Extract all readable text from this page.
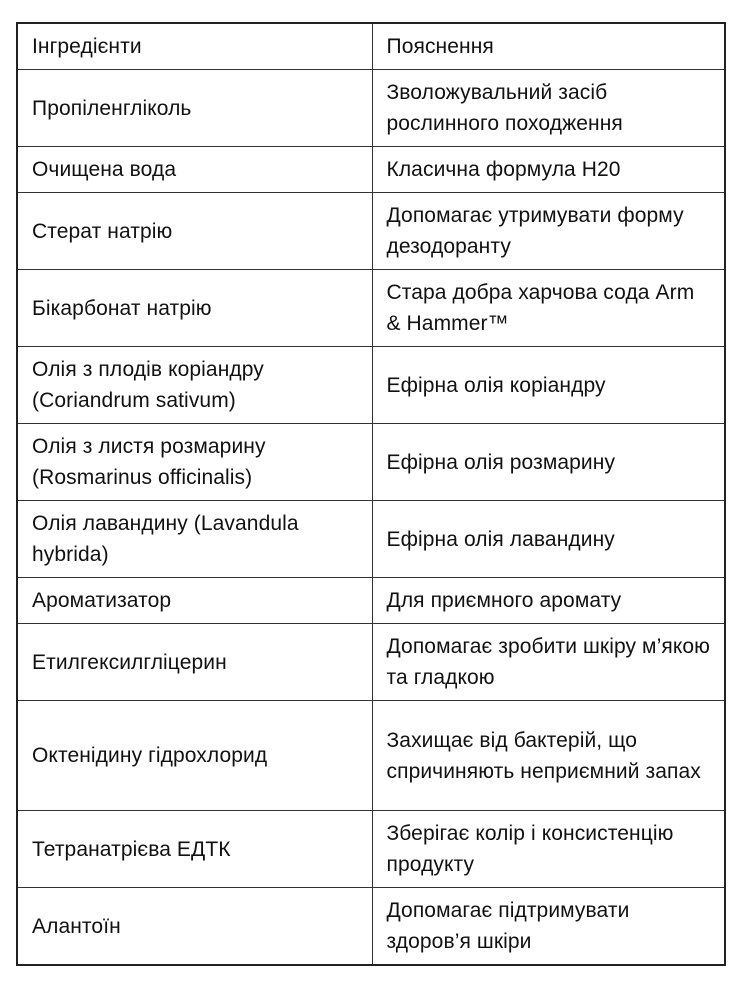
Інгредієнти	Пояснення
Пропіленгліколь	Зволожувальний засіб рослинного походження
Очищена вода	Класична формула H20
Стерат натрію	Допомагає утримувати форму дезодоранту
Бікарбонат натрію	Стара добра харчова сода Arm & Hammer™
Олія з плодів коріандру (Coriandrum sativum)	Ефірна олія коріандру
Олія з листя розмарину (Rosmarinus officinalis)	Ефірна олія розмарину
Олія лавандину (Lavandula hybrida)	Ефірна олія лавандину
Ароматизатор	Для приємного аромату
Етилгексилгліцерин	Допомагає зробити шкіру м’якою та гладкою
Октенідину гідрохлорид	Захищає від бактерій, що спричиняють неприємний запах
Тетранатрієва ЕДТК	Зберігає колір і консистенцію продукту
Алантоїн	Допомагає підтримувати здоров’я шкіри
